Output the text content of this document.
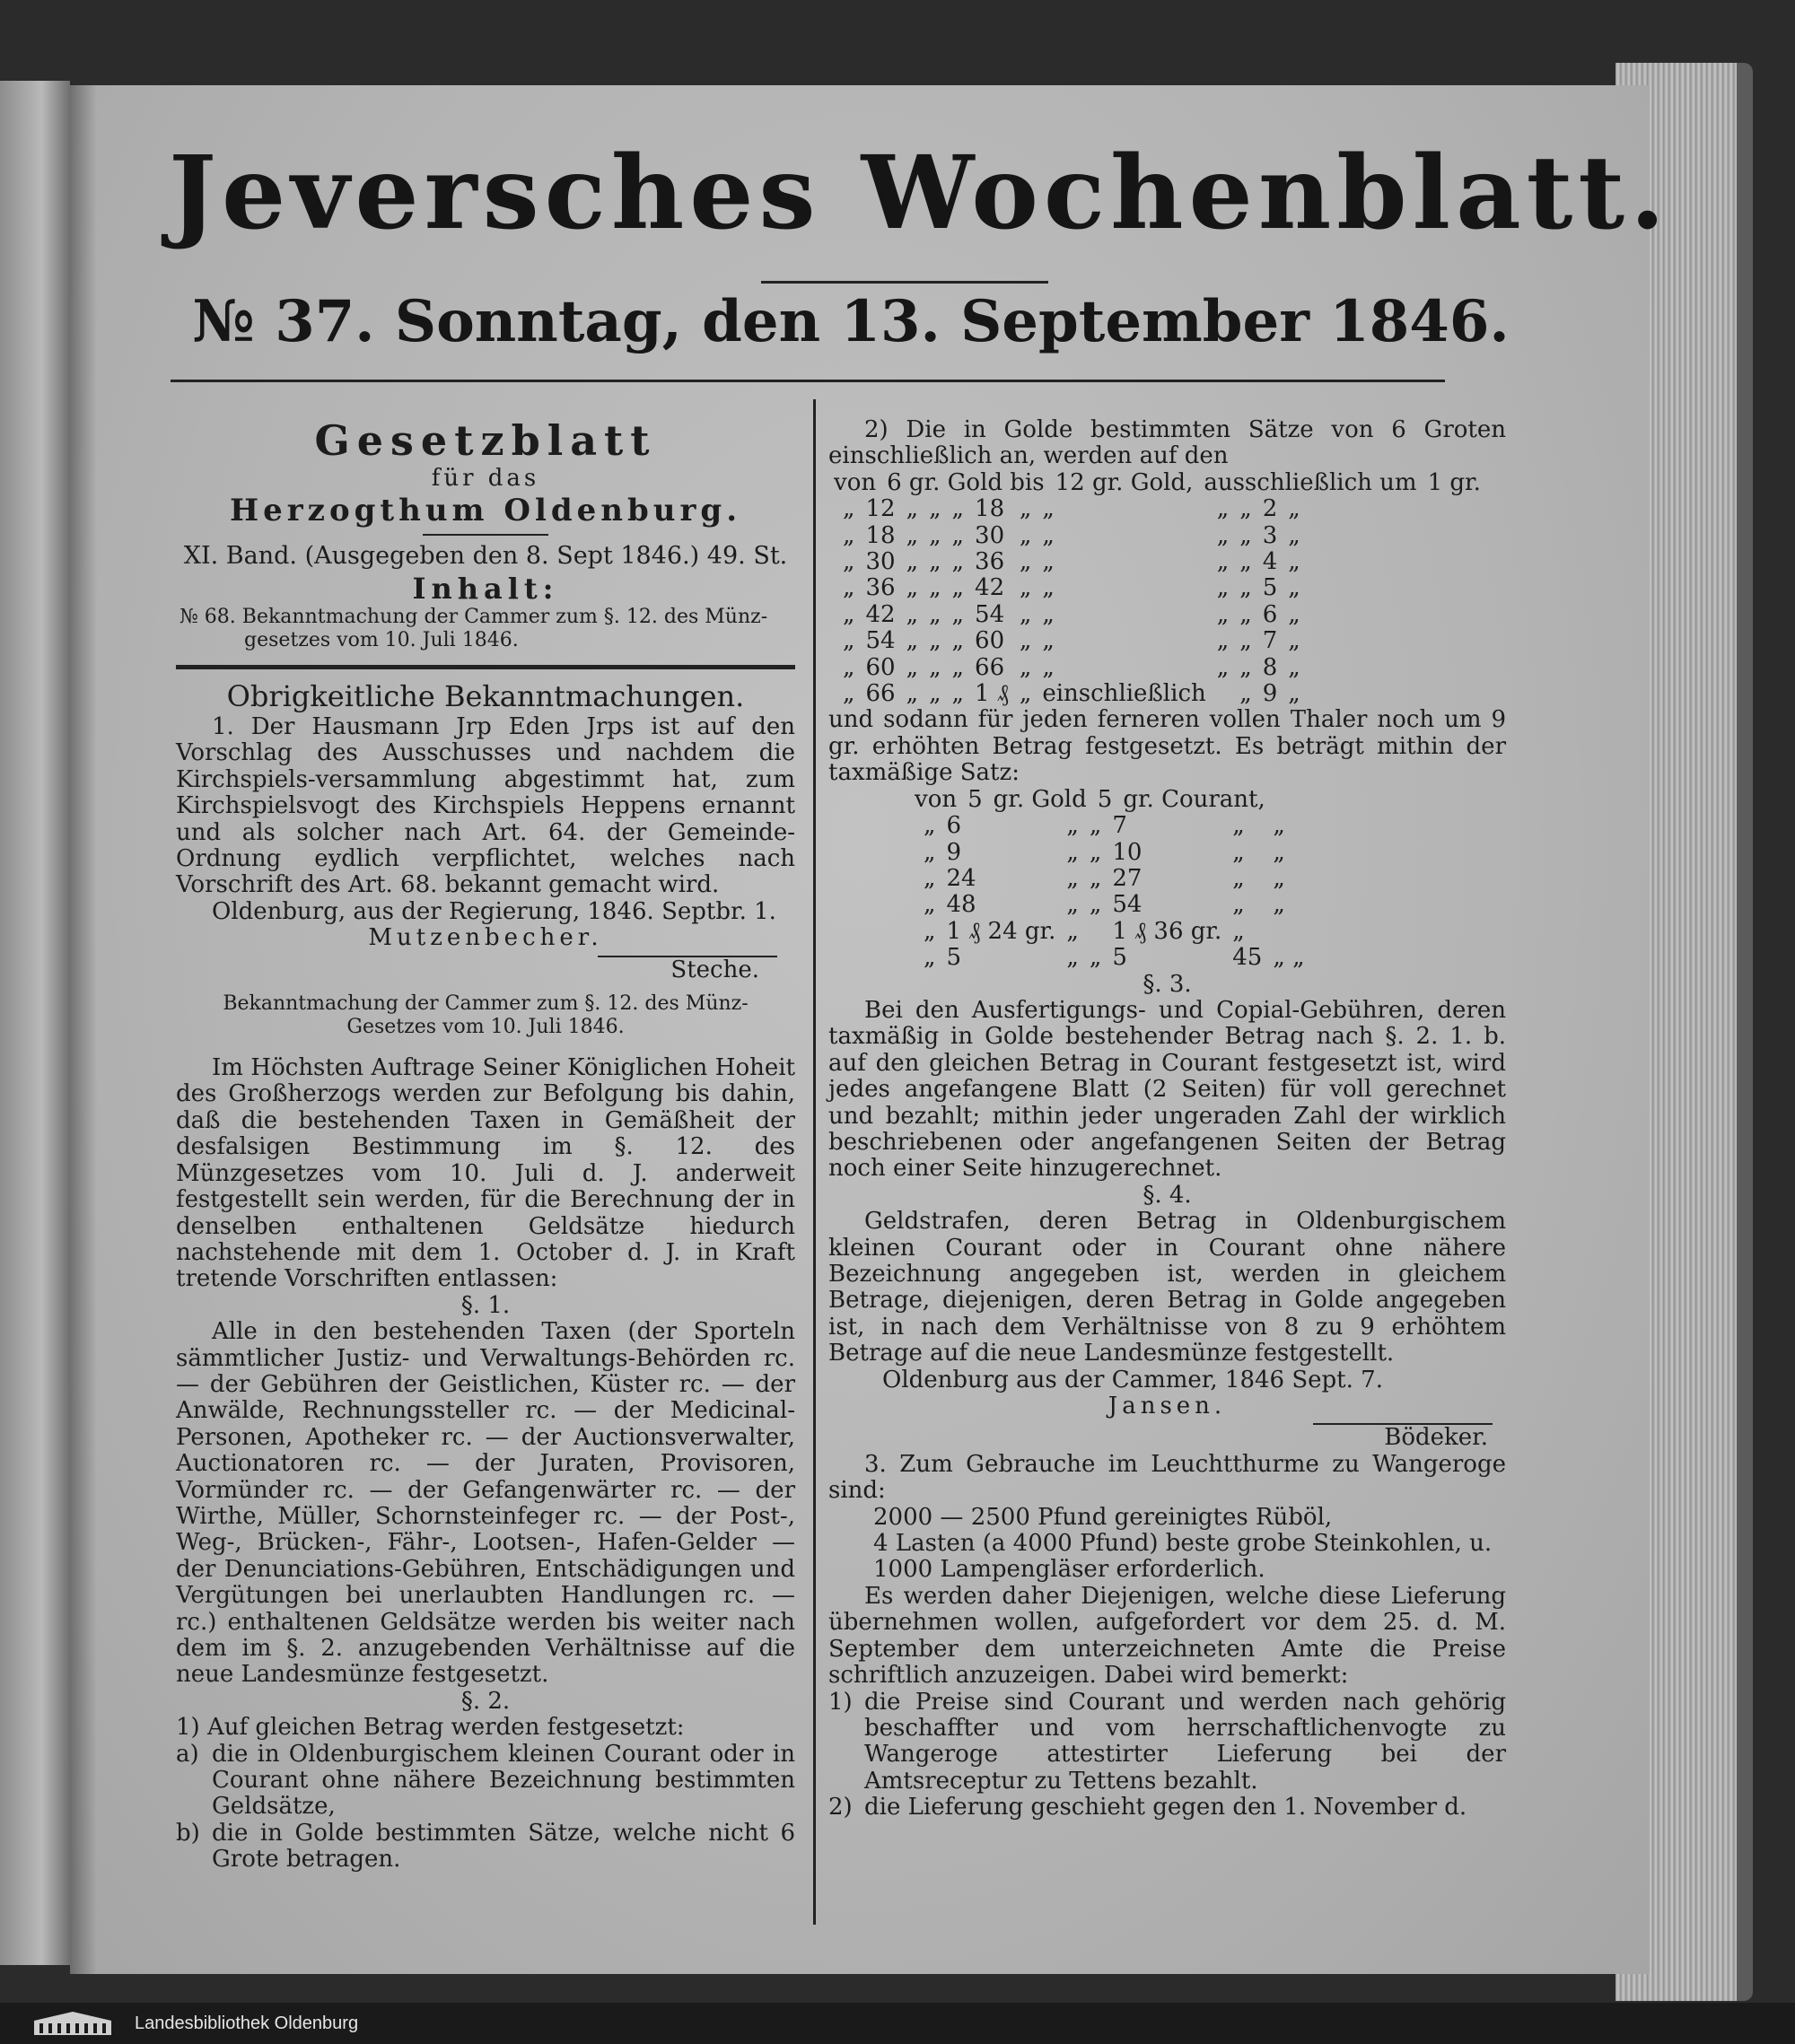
Jeversches Wochenblatt.
№ 37. Sonntag, den 13. September 1846.
Gesetzblatt
für das
Herzogthum Oldenburg.
XI. Band. (Ausgegeben den 8. Sept 1846.) 49. St.
Inhalt:
№ 68. Bekanntmachung der Cammer zum §. 12. des Münz-
gesetzes vom 10. Juli 1846.
Obrigkeitliche Bekanntmachungen.

1. Der Hausmann Jrp Eden Jrps ist auf den Vorschlag des Ausschusses und nachdem die Kirchspiels-versammlung abgestimmt hat, zum Kirchspielsvogt des Kirchspiels Heppens ernannt und als solcher nach Art. 64. der Gemeinde-Ordnung eydlich verpflichtet, welches nach Vorschrift des Art. 68. bekannt gemacht wird.

Oldenburg, aus der Regierung, 1846. Septbr. 1.

Mutzenbecher.

Steche.

Bekanntmachung der Cammer zum §. 12. des Münz-
Gesetzes vom 10. Juli 1846.

Im Höchsten Auftrage Seiner Königlichen Hoheit des Großherzogs werden zur Befolgung bis dahin, daß die bestehenden Taxen in Gemäßheit der desfalsigen Bestimmung im §. 12. des Münzgesetzes vom 10. Juli d. J. anderweit festgestellt sein werden, für die Berechnung der in denselben enthaltenen Geldsätze hiedurch nachstehende mit dem 1. October d. J. in Kraft tretende Vorschriften entlassen:

§. 1.

Alle in den bestehenden Taxen (der Sporteln sämmtlicher Justiz- und Verwaltungs-Behörden rc. — der Gebühren der Geistlichen, Küster rc. — der Anwälde, Rechnungssteller rc. — der Medicinal-Personen, Apotheker rc. — der Auctionsverwalter, Auctionatoren rc. — der Juraten, Provisoren, Vormünder rc. — der Gefangenwärter rc. — der Wirthe, Müller, Schornsteinfeger rc. — der Post-, Weg-, Brücken-, Fähr-, Lootsen-, Hafen-Gelder — der Denunciations-Gebühren, Entschädigungen und Vergütungen bei unerlaubten Handlungen rc. — rc.) enthaltenen Geldsätze werden bis weiter nach dem im §. 2. anzugebenden Verhältnisse auf die neue Landesmünze festgesetzt.

§. 2.

1) Auf gleichen Betrag werden festgesetzt:

a) die in Oldenburgischem kleinen Courant oder in Courant ohne nähere Bezeichnung bestimmten Geldsätze,
b) die in Golde bestimmten Sätze, welche nicht 6 Grote betragen.

2) Die in Golde bestimmten Sätze von 6 Groten einschließlich an, werden auf den

von	6 gr. Gold bis	12 gr. Gold,	ausschließlich um	1 gr.
„	12	„	„	„	18	„	„	„	„	2	„
„	18	„	„	„	30	„	„	„	„	3	„
„	30	„	„	„	36	„	„	„	„	4	„
„	36	„	„	„	42	„	„	„	„	5	„
„	42	„	„	„	54	„	„	„	„	6	„
„	54	„	„	„	60	„	„	„	„	7	„
„	60	„	„	„	66	„	„	„	„	8	„
„	66	„	„	„	1 ₰	„	einschließlich		„	9	„

und sodann für jeden ferneren vollen Thaler noch um 9 gr. erhöhten Betrag festgesetzt. Es beträgt mithin der taxmäßige Satz:

von	5	gr. Gold	5	gr. Courant,
„	6	„	„	7	„	„
„	9	„	„	10	„	„
„	24	„	„	27	„	„
„	48	„	„	54	„	„
„	1 ₰ 24 gr.	„		1 ₰ 36 gr.	„	
„	5	„	„	5	45	„ „

§. 3.

Bei den Ausfertigungs- und Copial-Gebühren, deren taxmäßig in Golde bestehender Betrag nach §. 2. 1. b. auf den gleichen Betrag in Courant festgesetzt ist, wird jedes angefangene Blatt (2 Seiten) für voll gerechnet und bezahlt; mithin jeder ungeraden Zahl der wirklich beschriebenen oder angefangenen Seiten der Betrag noch einer Seite hinzugerechnet.

§. 4.

Geldstrafen, deren Betrag in Oldenburgischem kleinen Courant oder in Courant ohne nähere Bezeichnung angegeben ist, werden in gleichem Betrage, diejenigen, deren Betrag in Golde angegeben ist, in nach dem Verhältnisse von 8 zu 9 erhöhtem Betrage auf die neue Landesmünze festgestellt.

Oldenburg aus der Cammer, 1846 Sept. 7.

Jansen.

Bödeker.

3. Zum Gebrauche im Leuchtthurme zu Wangeroge sind:

2000 — 2500 Pfund gereinigtes Rüböl,

4 Lasten (a 4000 Pfund) beste grobe Steinkohlen, u.

1000 Lampengläser erforderlich.

Es werden daher Diejenigen, welche diese Lieferung übernehmen wollen, aufgefordert vor dem 25. d. M. September dem unterzeichneten Amte die Preise schriftlich anzuzeigen. Dabei wird bemerkt:

1) die Preise sind Courant und werden nach gehörig beschaffter und vom herrschaftlichenvogte zu Wangeroge attestirter Lieferung bei der Amtsreceptur zu Tettens bezahlt.
2) die Lieferung geschieht gegen den 1. November d.
Landesbibliothek Oldenburg
